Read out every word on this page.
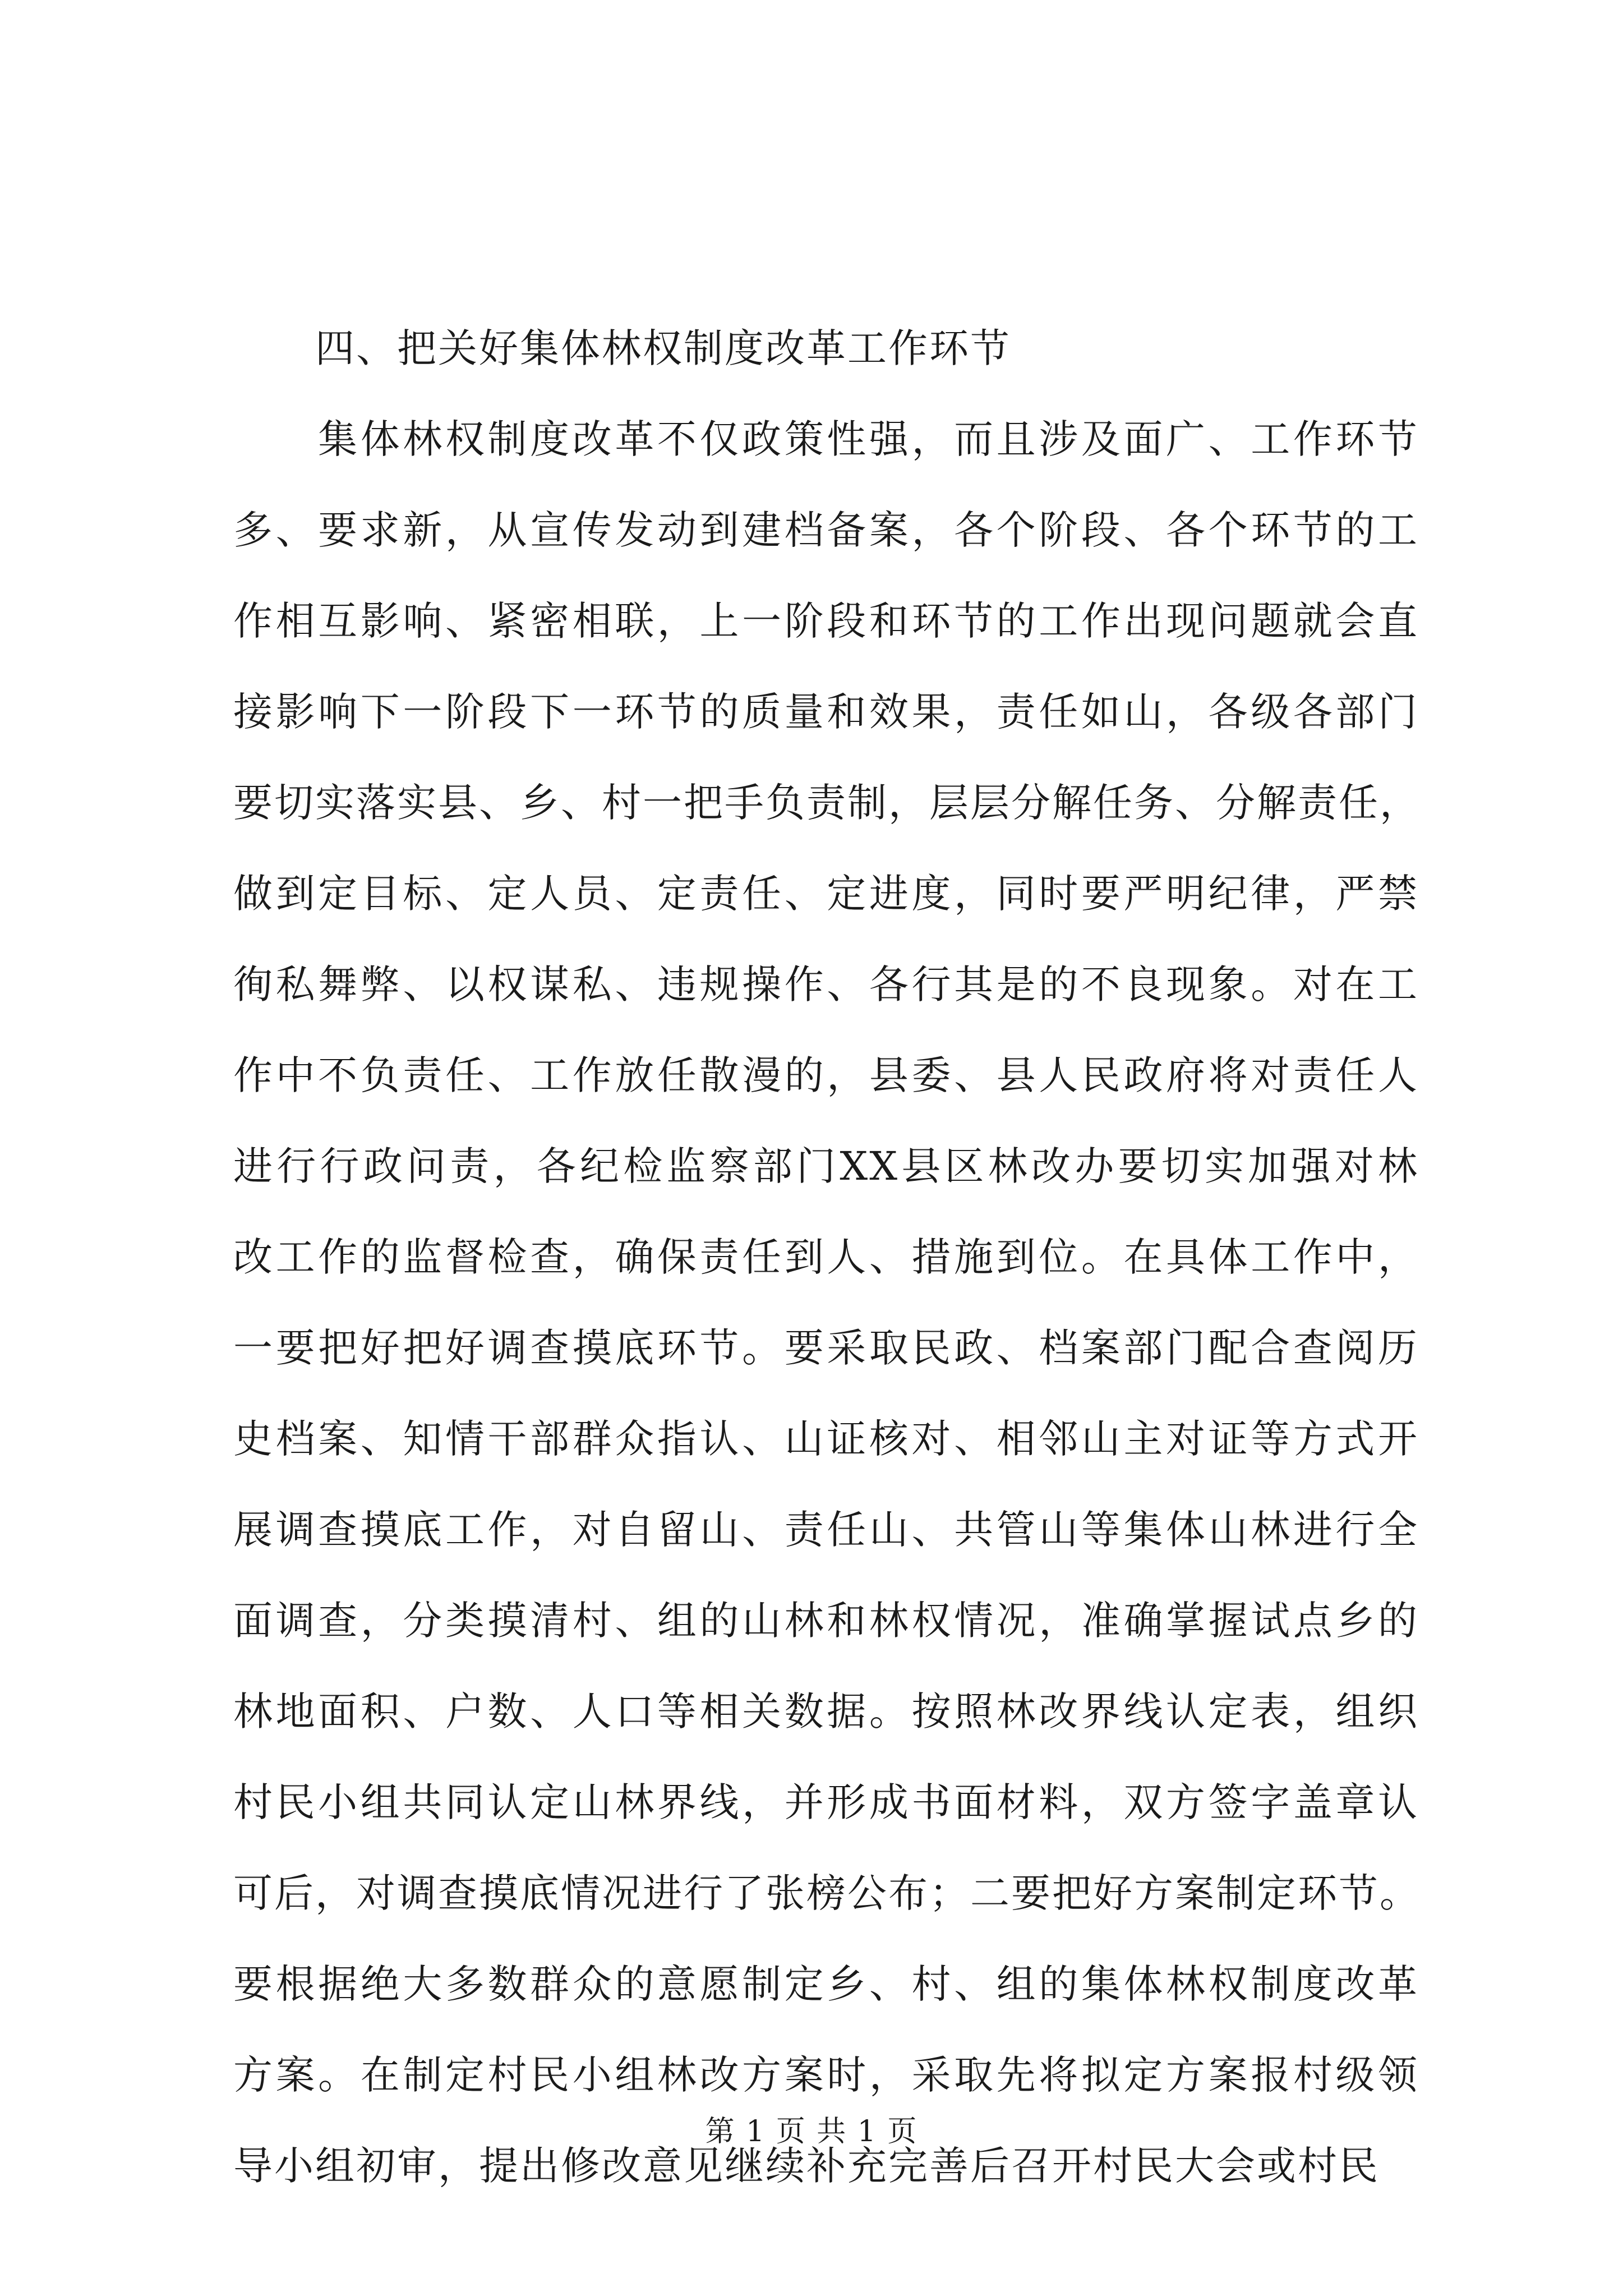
　　四、把关好集体林权制度改革工作环节
　　集体林权制度改革不仅政策性强，而且涉及面广、工作环节
多、要求新，从宣传发动到建档备案，各个阶段、各个环节的工
作相互影响、紧密相联，上一阶段和环节的工作出现问题就会直
接影响下一阶段下一环节的质量和效果，责任如山，各级各部门
要切实落实县、乡、村一把手负责制，层层分解任务、分解责任，
做到定目标、定人员、定责任、定进度，同时要严明纪律，严禁
徇私舞弊、以权谋私、违规操作、各行其是的不良现象。对在工
作中不负责任、工作放任散漫的，县委、县人民政府将对责任人
进行行政问责，各纪检监察部门XX县区林改办要切实加强对林
改工作的监督检查，确保责任到人、措施到位。在具体工作中，
一要把好把好调查摸底环节。要采取民政、档案部门配合查阅历
史档案、知情干部群众指认、山证核对、相邻山主对证等方式开
展调查摸底工作，对自留山、责任山、共管山等集体山林进行全
面调查，分类摸清村、组的山林和林权情况，准确掌握试点乡的
林地面积、户数、人口等相关数据。按照林改界线认定表，组织
村民小组共同认定山林界线，并形成书面材料，双方签字盖章认
可后，对调查摸底情况进行了张榜公布；二要把好方案制定环节。
要根据绝大多数群众的意愿制定乡、村、组的集体林权制度改革
方案。在制定村民小组林改方案时，采取先将拟定方案报村级领
导小组初审，提出修改意见继续补充完善后召开村民大会或村民
第 1 页 共 1 页
